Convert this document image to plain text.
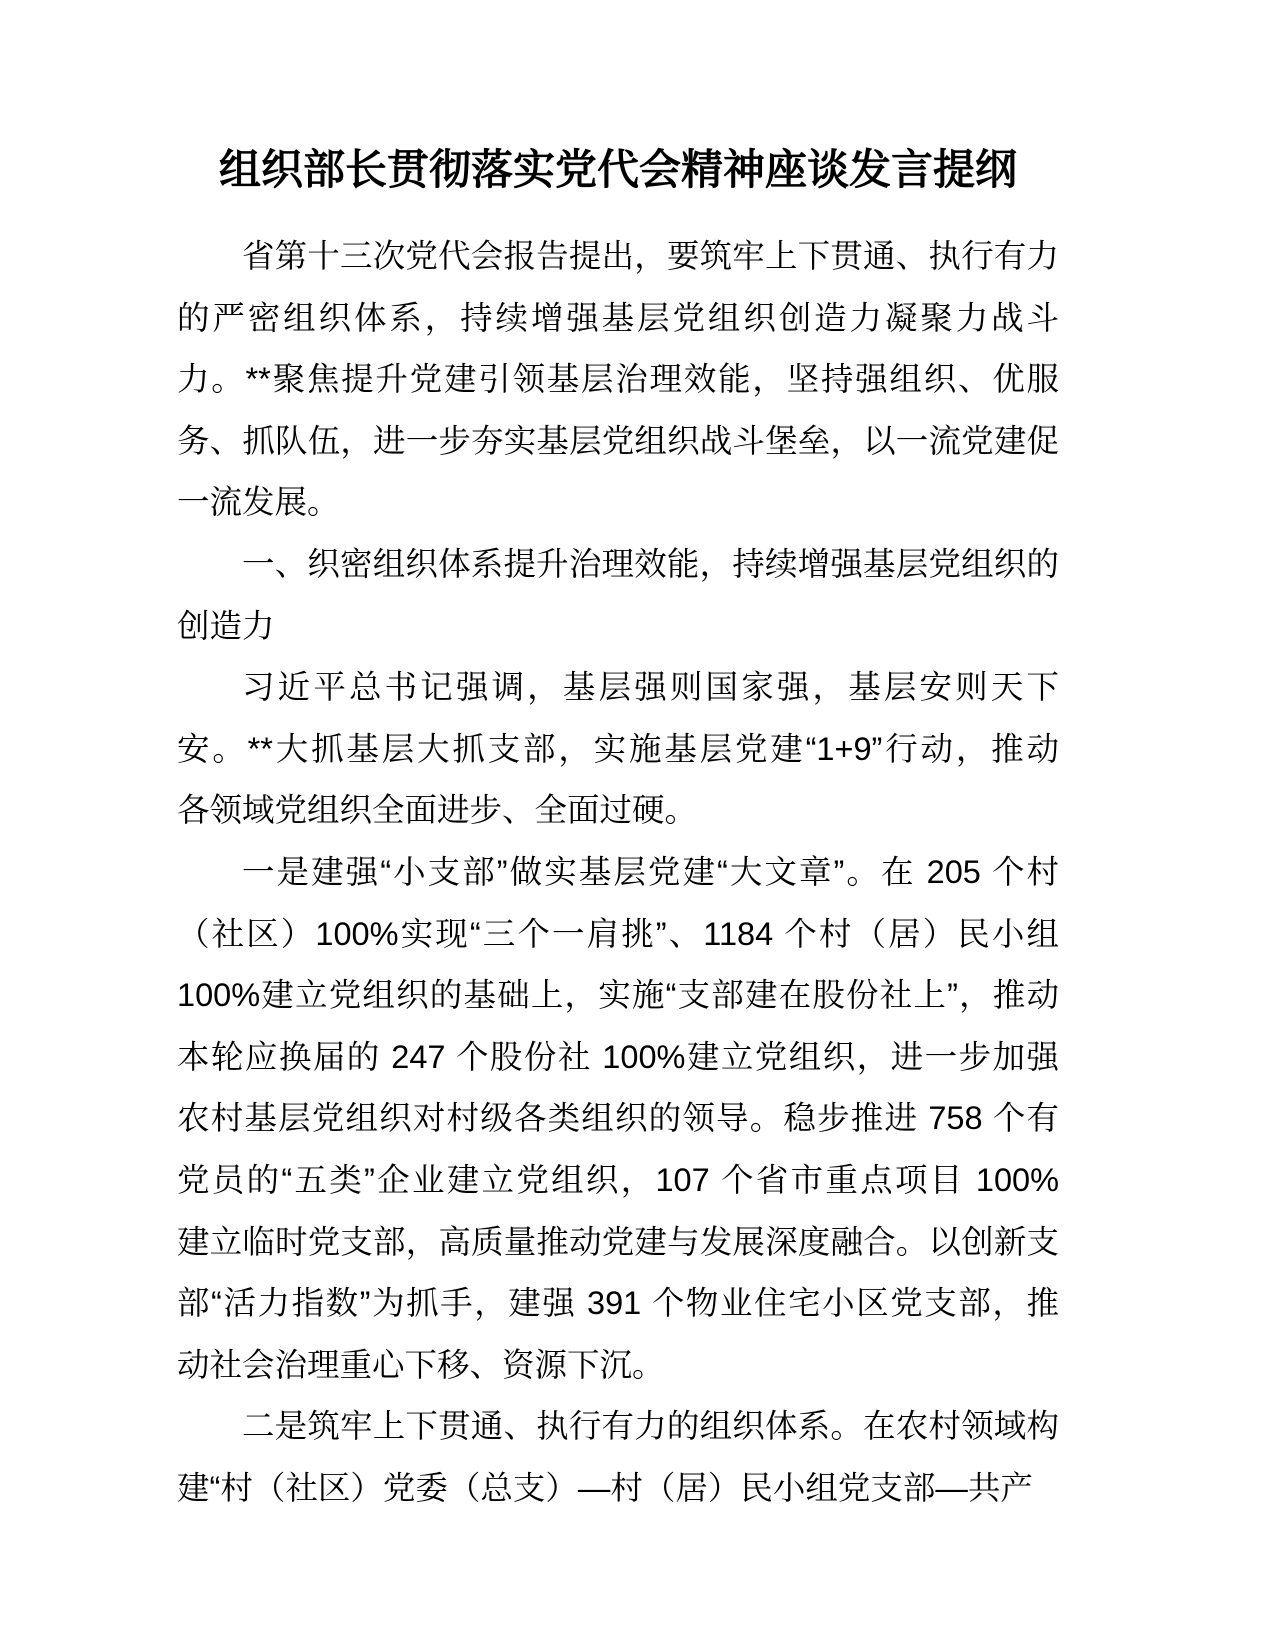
组织部长贯彻落实党代会精神座谈发言提纲
省第十三次党代会报告提出，要筑牢上下贯通、执行有力
的严密组织体系，持续增强基层党组织创造力凝聚力战斗
力。**聚焦提升党建引领基层治理效能，坚持强组织、优服
务、抓队伍，进一步夯实基层党组织战斗堡垒，以一流党建促
一流发展。
一、织密组织体系提升治理效能，持续增强基层党组织的
创造力
习近平总书记强调，基层强则国家强，基层安则天下
安。**大抓基层大抓支部，实施基层党建“1+9”行动，推动
各领域党组织全面进步、全面过硬。
一是建强“小支部”做实基层党建“大文章”。在 205 个村
（社区）100%实现“三个一肩挑”、1184 个村（居）民小组
100%建立党组织的基础上，实施“支部建在股份社上”，推动
本轮应换届的 247 个股份社 100%建立党组织，进一步加强
农村基层党组织对村级各类组织的领导。稳步推进 758 个有
党员的“五类”企业建立党组织，107 个省市重点项目 100%
建立临时党支部，高质量推动党建与发展深度融合。以创新支
部“活力指数”为抓手，建强 391 个物业住宅小区党支部，推
动社会治理重心下移、资源下沉。
二是筑牢上下贯通、执行有力的组织体系。在农村领域构
建“村（社区）党委（总支）—村（居）民小组党支部—共产
